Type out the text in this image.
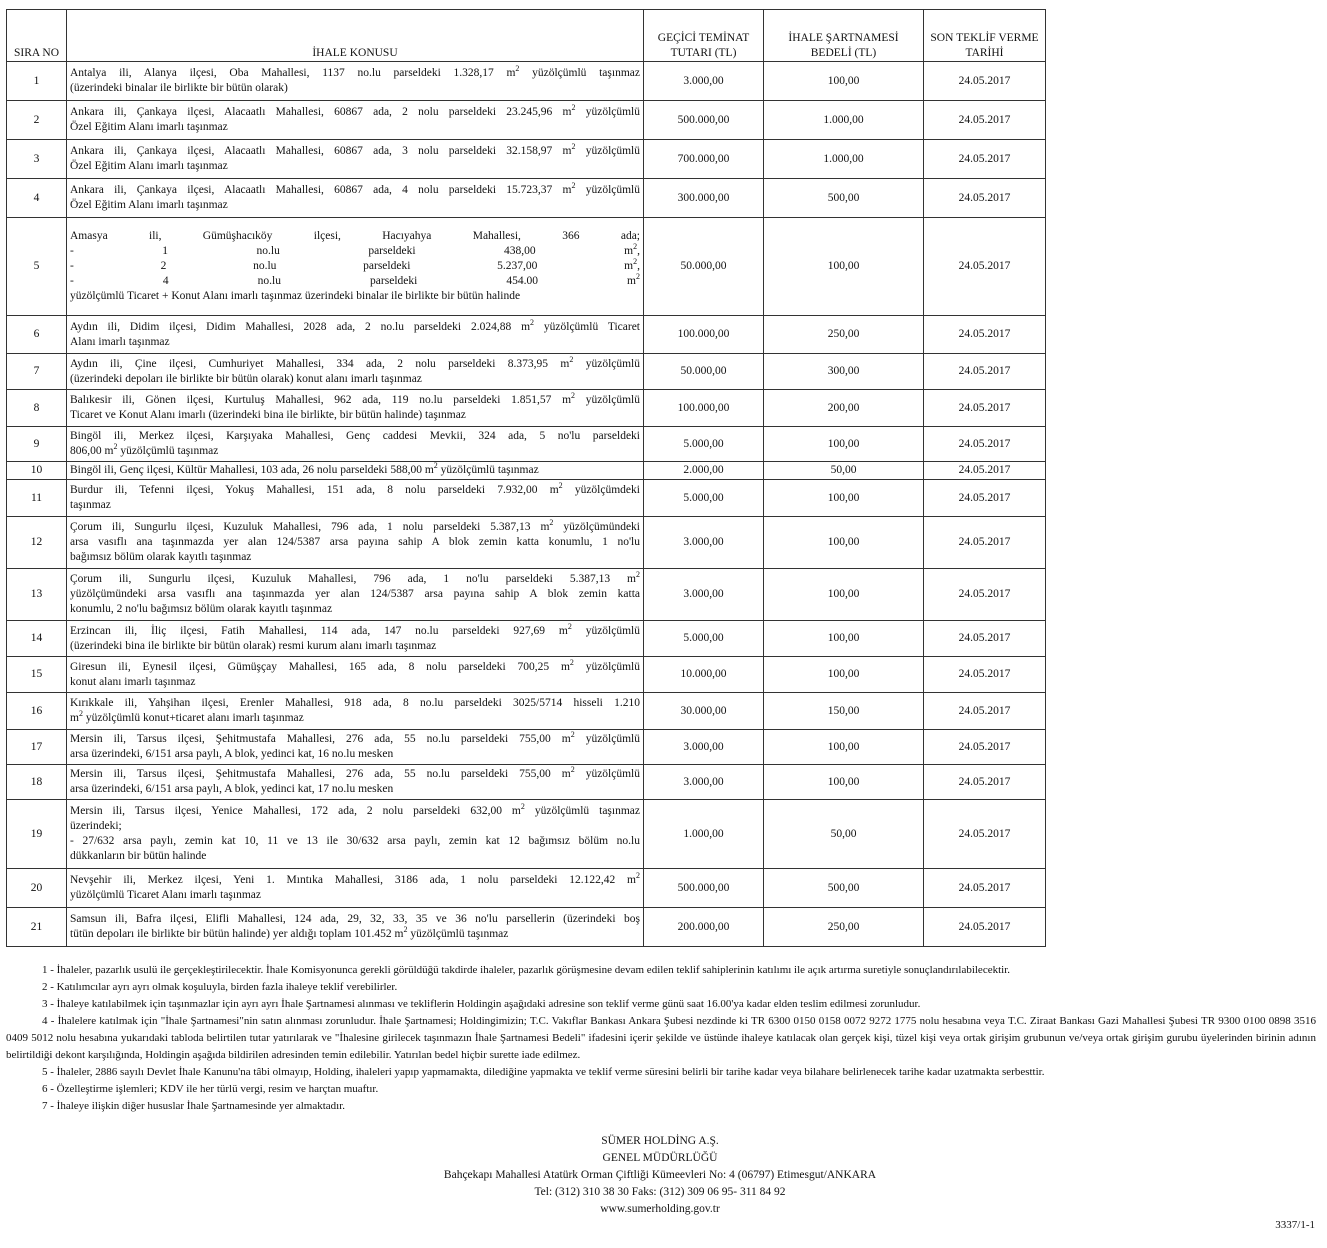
SIRA NO	İHALE KONUSU	GEÇİCİ TEMİNAT TUTARI (TL)	İHALE ŞARTNAMESİ BEDELİ (TL)	SON TEKLİF VERME TARİHİ
1	Antalya ili, Alanya ilçesi, Oba Mahallesi, 1137 no.lu parseldeki 1.328,17 $m^2$ yüzölçümlü taşınmaz
(üzerindeki binalar ile birlikte bir bütün olarak)	3.000,00	100,00	24.05.2017
2	Ankara ili, Çankaya ilçesi, Alacaatlı Mahallesi, 60867 ada, 2 nolu parseldeki 23.245,96 $m^2$ yüzölçümlü
Özel Eğitim Alanı imarlı taşınmaz	500.000,00	1.000,00	24.05.2017
3	Ankara ili, Çankaya ilçesi, Alacaatlı Mahallesi, 60867 ada, 3 nolu parseldeki 32.158,97 $m^2$ yüzölçümlü
Özel Eğitim Alanı imarlı taşınmaz	700.000,00	1.000,00	24.05.2017
4	Ankara ili, Çankaya ilçesi, Alacaatlı Mahallesi, 60867 ada, 4 nolu parseldeki 15.723,37 $m^2$ yüzölçümlü
Özel Eğitim Alanı imarlı taşınmaz	300.000,00	500,00	24.05.2017
5	Amasya ili, Gümüşhacıköy ilçesi, Hacıyahya Mahallesi, 366 ada;
- 1 no.lu parseldeki 438,00 $m^2$,
- 2 no.lu parseldeki 5.237,00 $m^2$,
- 4 no.lu parseldeki 454.00 $m^2$
yüzölçümlü Ticaret + Konut Alanı imarlı taşınmaz üzerindeki binalar ile birlikte bir bütün halinde	50.000,00	100,00	24.05.2017
6	Aydın ili, Didim ilçesi, Didim Mahallesi, 2028 ada, 2 no.lu parseldeki 2.024,88 $m^2$ yüzölçümlü Ticaret
Alanı imarlı taşınmaz	100.000,00	250,00	24.05.2017
7	Aydın ili, Çine ilçesi, Cumhuriyet Mahallesi, 334 ada, 2 nolu parseldeki 8.373,95 $m^2$ yüzölçümlü
(üzerindeki depoları ile birlikte bir bütün olarak) konut alanı imarlı taşınmaz	50.000,00	300,00	24.05.2017
8	Balıkesir ili, Gönen ilçesi, Kurtuluş Mahallesi, 962 ada, 119 no.lu parseldeki 1.851,57 $m^2$ yüzölçümlü
Ticaret ve Konut Alanı imarlı (üzerindeki bina ile birlikte, bir bütün halinde) taşınmaz	100.000,00	200,00	24.05.2017
9	Bingöl ili, Merkez ilçesi, Karşıyaka Mahallesi, Genç caddesi Mevkii, 324 ada, 5 no'lu parseldeki
806,00 $m^2$ yüzölçümlü taşınmaz	5.000,00	100,00	24.05.2017
10	Bingöl ili, Genç ilçesi, Kültür Mahallesi, 103 ada, 26 nolu parseldeki 588,00 $m^2$ yüzölçümlü taşınmaz	2.000,00	50,00	24.05.2017
11	Burdur ili, Tefenni ilçesi, Yokuş Mahallesi, 151 ada, 8 nolu parseldeki 7.932,00 $m^2$ yüzölçümdeki
taşınmaz	5.000,00	100,00	24.05.2017
12	Çorum ili, Sungurlu ilçesi, Kuzuluk Mahallesi, 796 ada, 1 nolu parseldeki 5.387,13 $m^2$ yüzölçümündeki
arsa vasıflı ana taşınmazda yer alan 124/5387 arsa payına sahip A blok zemin katta konumlu, 1 no'lu
bağımsız bölüm olarak kayıtlı taşınmaz	3.000,00	100,00	24.05.2017
13	Çorum ili, Sungurlu ilçesi, Kuzuluk Mahallesi, 796 ada, 1 no'lu parseldeki 5.387,13 $m^2$
yüzölçümündeki arsa vasıflı ana taşınmazda yer alan 124/5387 arsa payına sahip A blok zemin katta
konumlu, 2 no'lu bağımsız bölüm olarak kayıtlı taşınmaz	3.000,00	100,00	24.05.2017
14	Erzincan ili, İliç ilçesi, Fatih Mahallesi, 114 ada, 147 no.lu parseldeki 927,69 $m^2$ yüzölçümlü
(üzerindeki bina ile birlikte bir bütün olarak) resmi kurum alanı imarlı taşınmaz	5.000,00	100,00	24.05.2017
15	Giresun ili, Eynesil ilçesi, Gümüşçay Mahallesi, 165 ada, 8 nolu parseldeki 700,25 $m^2$ yüzölçümlü
konut alanı imarlı taşınmaz	10.000,00	100,00	24.05.2017
16	Kırıkkale ili, Yahşihan ilçesi, Erenler Mahallesi, 918 ada, 8 no.lu parseldeki 3025/5714 hisseli 1.210
$m^2$ yüzölçümlü konut+ticaret alanı imarlı taşınmaz	30.000,00	150,00	24.05.2017
17	Mersin ili, Tarsus ilçesi, Şehitmustafa Mahallesi, 276 ada, 55 no.lu parseldeki 755,00 $m^2$ yüzölçümlü
arsa üzerindeki, 6/151 arsa paylı, A blok, yedinci kat, 16 no.lu mesken	3.000,00	100,00	24.05.2017
18	Mersin ili, Tarsus ilçesi, Şehitmustafa Mahallesi, 276 ada, 55 no.lu parseldeki 755,00 $m^2$ yüzölçümlü
arsa üzerindeki, 6/151 arsa paylı, A blok, yedinci kat, 17 no.lu mesken	3.000,00	100,00	24.05.2017
19	Mersin ili, Tarsus ilçesi, Yenice Mahallesi, 172 ada, 2 nolu parseldeki 632,00 $m^2$ yüzölçümlü taşınmaz
üzerindeki;
- 27/632 arsa paylı, zemin kat 10, 11 ve 13 ile 30/632 arsa paylı, zemin kat 12 bağımsız bölüm no.lu
dükkanların bir bütün halinde	1.000,00	50,00	24.05.2017
20	Nevşehir ili, Merkez ilçesi, Yeni 1. Mıntıka Mahallesi, 3186 ada, 1 nolu parseldeki 12.122,42 $m^2$
yüzölçümlü Ticaret Alanı imarlı taşınmaz	500.000,00	500,00	24.05.2017
21	Samsun ili, Bafra ilçesi, Elifli Mahallesi, 124 ada, 29, 32, 33, 35 ve 36 no'lu parsellerin (üzerindeki boş
tütün depoları ile birlikte bir bütün halinde) yer aldığı toplam 101.452 $m^2$ yüzölçümlü taşınmaz	200.000,00	250,00	24.05.2017

1 - İhaleler, pazarlık usulü ile gerçekleştirilecektir. İhale Komisyonunca gerekli görüldüğü takdirde ihaleler, pazarlık görüşmesine devam edilen teklif sahiplerinin katılımı ile açık artırma suretiyle sonuçlandırılabilecektir.

2 - Katılımcılar ayrı ayrı olmak koşuluyla, birden fazla ihaleye teklif verebilirler.

3 - İhaleye katılabilmek için taşınmazlar için ayrı ayrı İhale Şartnamesi alınması ve tekliflerin Holdingin aşağıdaki adresine son teklif verme günü saat 16.00'ya kadar elden teslim edilmesi zorunludur.

4 - İhalelere katılmak için "İhale Şartnamesi"nin satın alınması zorunludur. İhale Şartnamesi; Holdingimizin; T.C. Vakıflar Bankası Ankara Şubesi nezdinde ki TR 6300 0150 0158 0072 9272 1775 nolu hesabına veya T.C. Ziraat Bankası Gazi Mahallesi Şubesi TR 9300 0100 0898 3516 0409 5012 nolu hesabına yukarıdaki tabloda belirtilen tutar yatırılarak ve "İhalesine girilecek taşınmazın İhale Şartnamesi Bedeli" ifadesini içerir şekilde ve üstünde ihaleye katılacak olan gerçek kişi, tüzel kişi veya ortak girişim grubunun ve/veya ortak girişim gurubu üyelerinden birinin adının belirtildiği dekont karşılığında, Holdingin aşağıda bildirilen adresinden temin edilebilir. Yatırılan bedel hiçbir surette iade edilmez.

5 - İhaleler, 2886 sayılı Devlet İhale Kanunu'na tâbi olmayıp, Holding, ihaleleri yapıp yapmamakta, dilediğine yapmakta ve teklif verme süresini belirli bir tarihe kadar veya bilahare belirlenecek tarihe kadar uzatmakta serbesttir.

6 - Özelleştirme işlemleri; KDV ile her türlü vergi, resim ve harçtan muaftır.

7 - İhaleye ilişkin diğer hususlar İhale Şartnamesinde yer almaktadır.

SÜMER HOLDİNG A.Ş.
GENEL MÜDÜRLÜĞÜ
Bahçekapı Mahallesi Atatürk Orman Çiftliği Kümeevleri No: 4 (06797) Etimesgut/ANKARA
Tel: (312) 310 38 30 Faks: (312) 309 06 95- 311 84 92
www.sumerholding.gov.tr
3337/1-1
